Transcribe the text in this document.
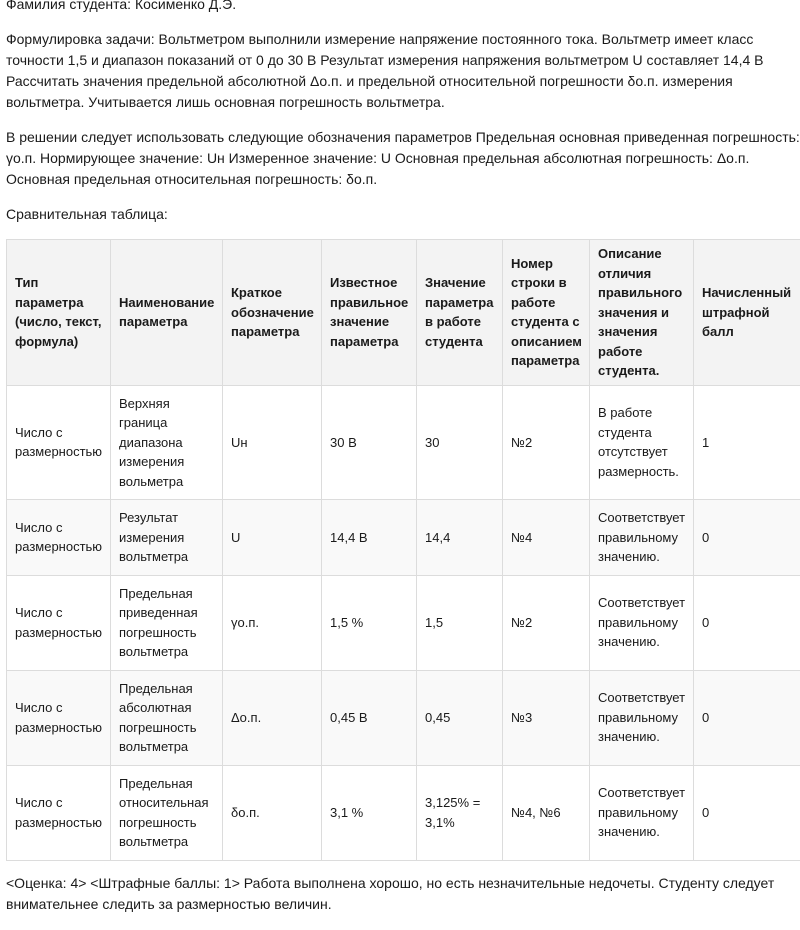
Фамилия студента: Косименко Д.Э.

Формулировка задачи: Вольтметром выполнили измерение напряжение постоянного тока. Вольтметр имеет класс точности 1,5 и диапазон показаний от 0 до 30 В Результат измерения напряжения вольтметром U составляет 14,4 В Рассчитать значения предельной абсолютной Δо.п. и предельной относительной погрешности δо.п. измерения вольтметра. Учитывается лишь основная погрешность вольтметра.

В решении следует использовать следующие обозначения параметров Предельная основная приведенная погрешность: γо.п. Нормирующее значение: Uн Измеренное значение: U Основная предельная абсолютная погрешность: Δо.п. Основная предельная относительная погрешность: δо.п.

Сравнительная таблица:

Тип параметра (число, текст, формула)	Наименование параметра	Краткое обозначение параметра	Известное правильное значение параметра	Значение параметра в работе студента	Номер строки в работе студента с описанием параметра	Описание отличия правильного значения и значения работе студента.	Начисленный штрафной балл
Число с размерностью	Верхняя граница диапазона измерения вольметра	Uн	30 В	30	№2	В работе студента отсутствует размерность.	1
Число с размерностью	Результат измерения вольтметра	U	14,4 В	14,4	№4	Соответствует правильному значению.	0
Число с размерностью	Предельная приведенная погрешность вольтметра	γо.п.	1,5 %	1,5	№2	Соответствует правильному значению.	0
Число с размерностью	Предельная абсолютная погрешность вольтметра	Δо.п.	0,45 В	0,45	№3	Соответствует правильному значению.	0
Число с размерностью	Предельная относительная погрешность вольтметра	δо.п.	3,1 %	3,125% = 3,1%	№4, №6	Соответствует правильному значению.	0

<Оценка: 4> <Штрафные баллы: 1> Работа выполнена хорошо, но есть незначительные недочеты. Студенту следует внимательнее следить за размерностью величин.
